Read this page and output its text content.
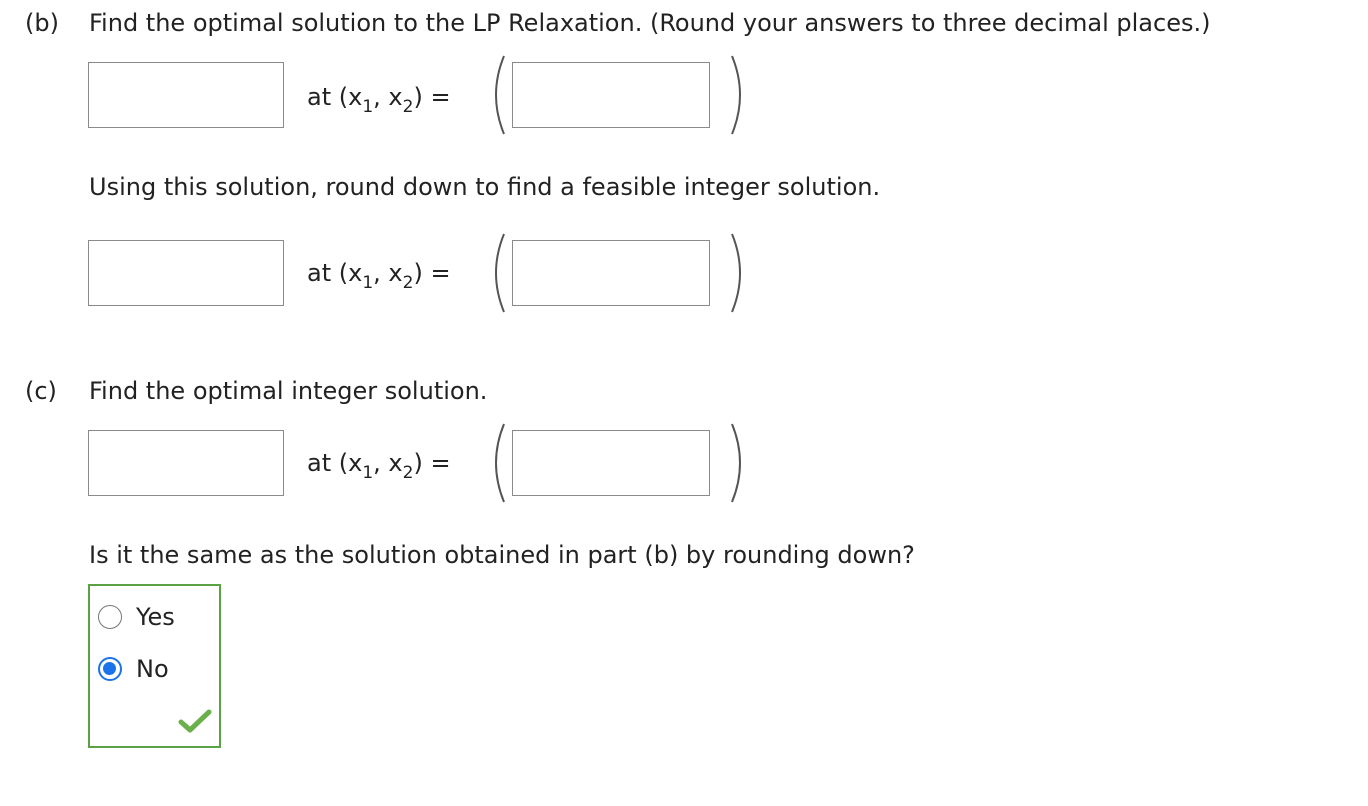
(b) Find the optimal solution to the LP Relaxation. (Round your answers to three decimal places.)
at ($x_1$, $x_2$) =
Using this solution, round down to find a feasible integer solution.
at ($x_1$, $x_2$) =
(c) Find the optimal integer solution.
at ($x_1$, $x_2$) =
Is it the same as the solution obtained in part (b) by rounding down?
Yes
No
